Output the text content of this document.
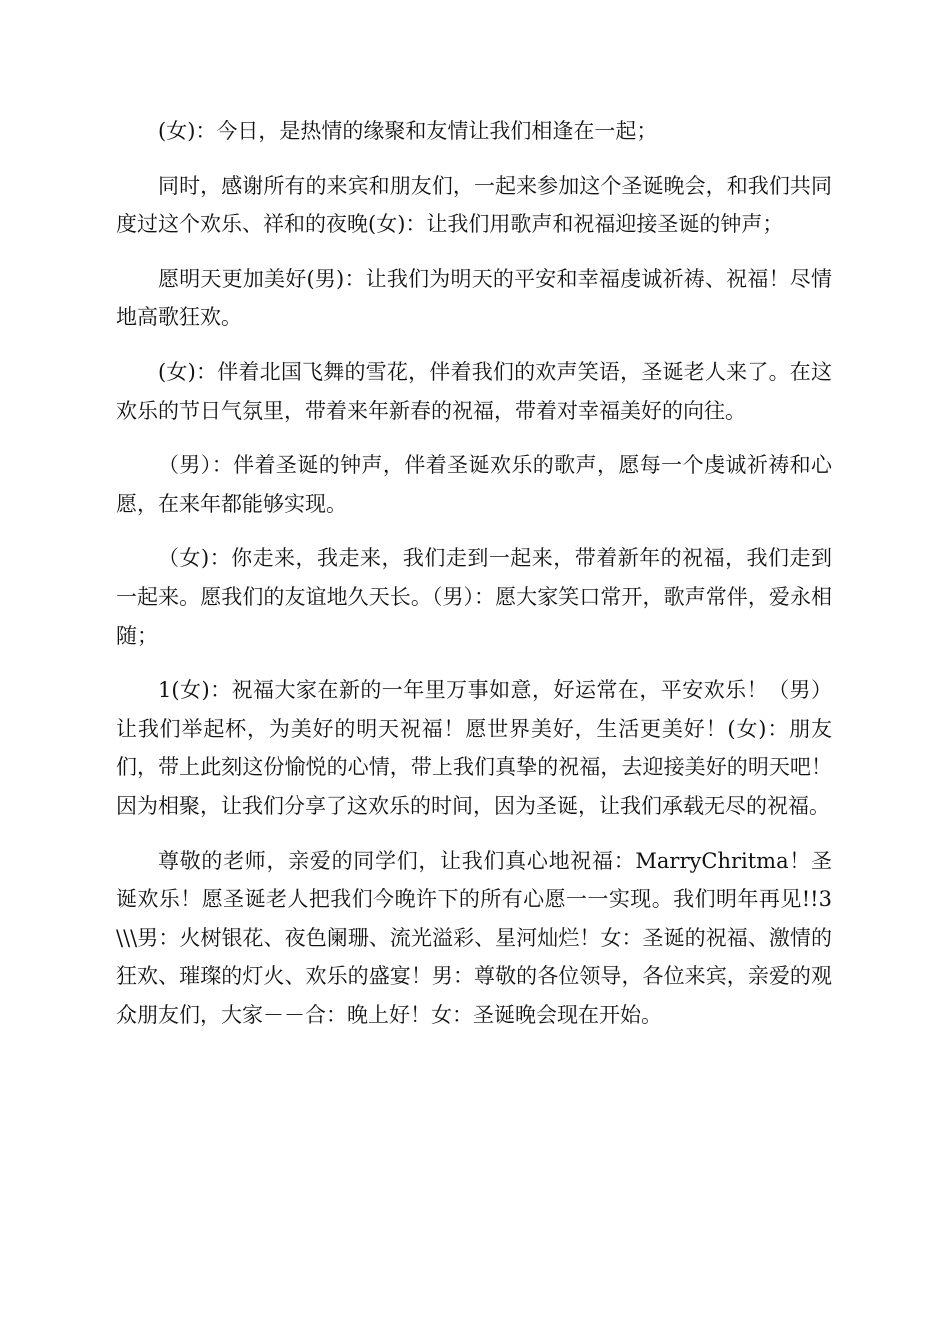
(女)：今日，是热情的缘聚和友情让我们相逢在一起；

同时，感谢所有的来宾和朋友们，一起来参加这个圣诞晚会，和我们共同度过这个欢乐、祥和的夜晚(女)：让我们用歌声和祝福迎接圣诞的钟声；

愿明天更加美好(男)：让我们为明天的平安和幸福虔诚祈祷、祝福！尽情地高歌狂欢。

(女)：伴着北国飞舞的雪花，伴着我们的欢声笑语，圣诞老人来了。在这欢乐的节日气氛里，带着来年新春的祝福，带着对幸福美好的向往。

（男）：伴着圣诞的钟声，伴着圣诞欢乐的歌声，愿每一个虔诚祈祷和心愿，在来年都能够实现。

（女)：你走来，我走来，我们走到一起来，带着新年的祝福，我们走到一起来。愿我们的友谊地久天长。（男）：愿大家笑口常开，歌声常伴，爱永相随；

1(女)：祝福大家在新的一年里万事如意，好运常在，平安欢乐！（男）让我们举起杯，为美好的明天祝福！愿世界美好，生活更美好！(女)：朋友们，带上此刻这份愉悦的心情，带上我们真挚的祝福，去迎接美好的明天吧！因为相聚，让我们分享了这欢乐的时间，因为圣诞，让我们承载无尽的祝福。

尊敬的老师，亲爱的同学们，让我们真心地祝福：MarryChritma！圣诞欢乐！愿圣诞老人把我们今晚许下的所有心愿一一实现。我们明年再见!!3\\\男：火树银花、夜色阑珊、流光溢彩、星河灿烂！女：圣诞的祝福、激情的狂欢、璀璨的灯火、欢乐的盛宴！男：尊敬的各位领导，各位来宾，亲爱的观众朋友们，大家－－合：晚上好！女：圣诞晚会现在开始。
